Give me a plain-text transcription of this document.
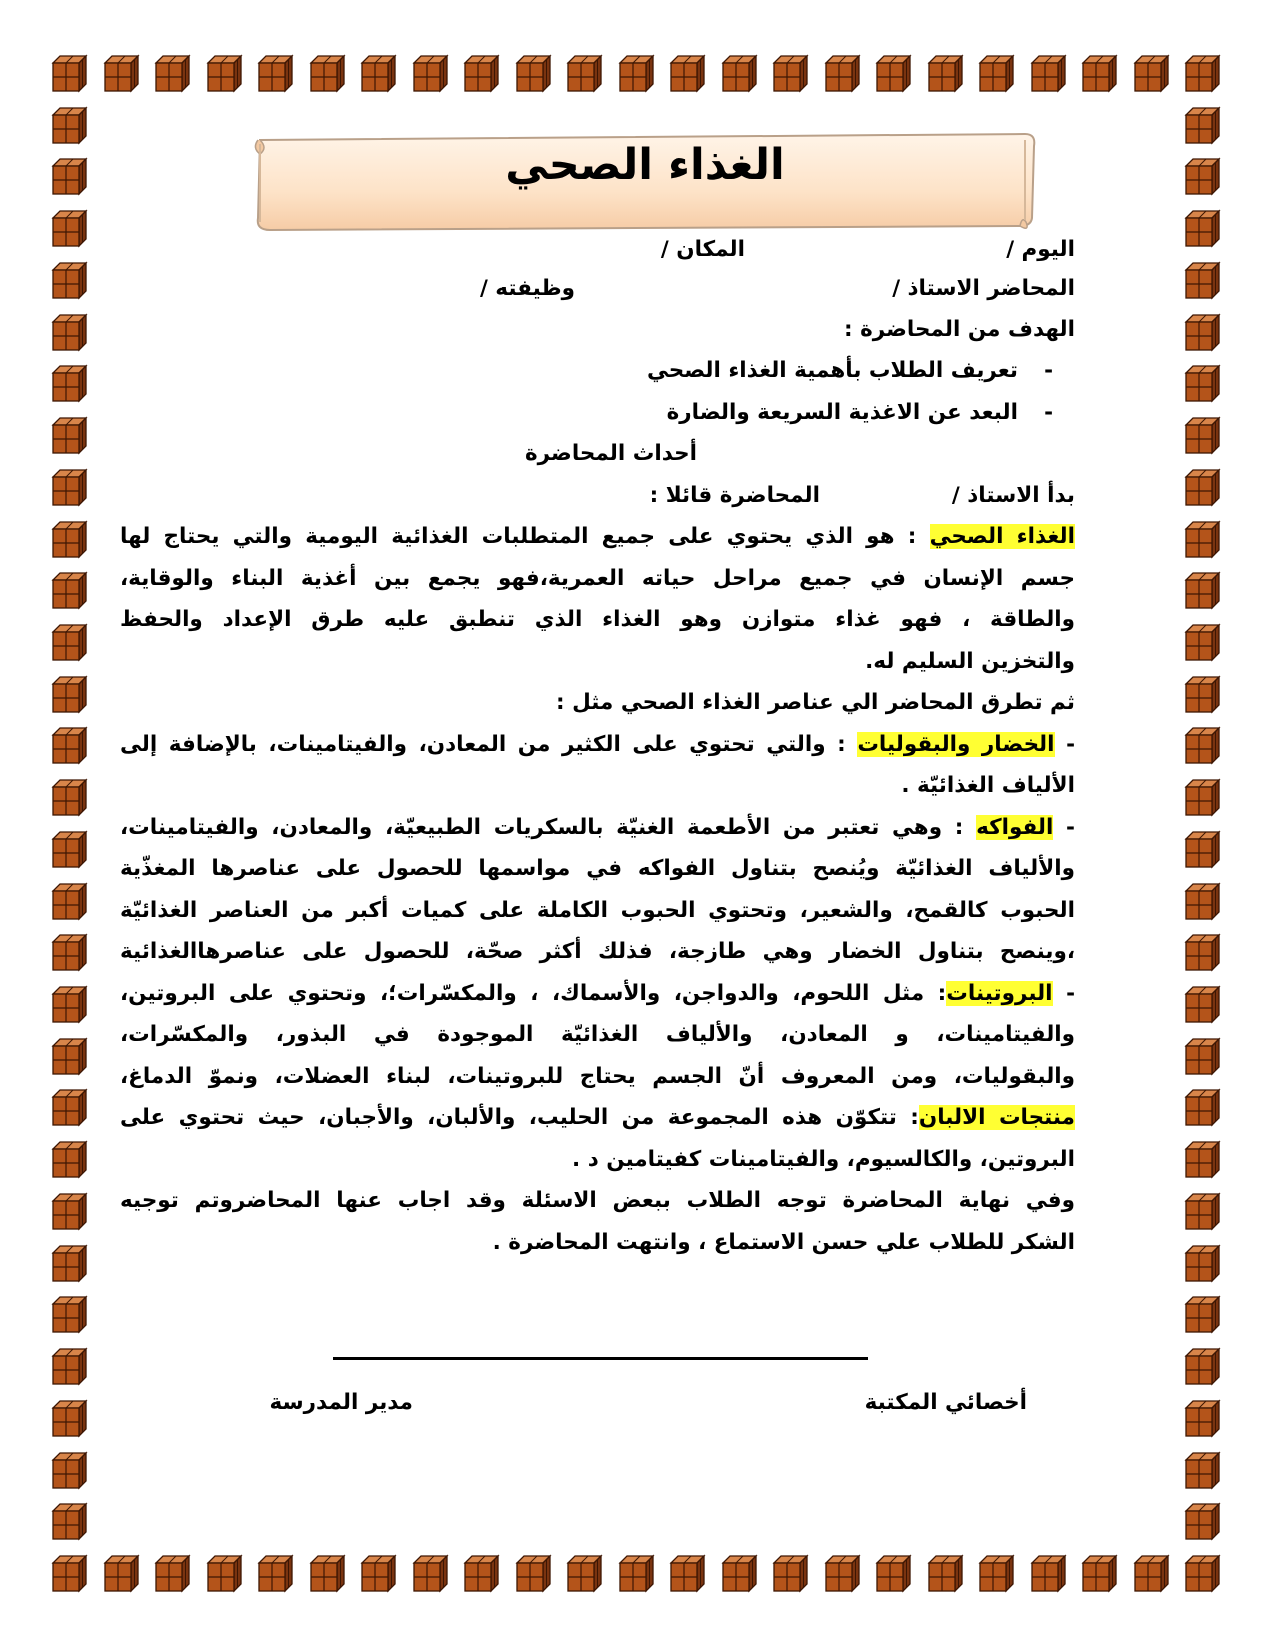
الغذاء الصحي
اليوم /
المكان /
المحاضر الاستاذ /
وظيفته /
الهدف من المحاضرة :
-
تعريف الطلاب بأهمية الغذاء الصحي
-
البعد عن الاغذية السريعة والضارة
أحداث المحاضرة
بدأ الاستاذ /
المحاضرة قائلا :
الغذاء الصحي : هو الذي يحتوي على جميع المتطلبات الغذائية اليومية والتي يحتاج لها
جسم الإنسان في جميع مراحل حياته العمرية،فهو يجمع بين أغذية البناء والوقاية،
والطاقة ، فهو غذاء متوازن وهو الغذاء الذي تنطبق عليه طرق الإعداد والحفظ
والتخزين السليم له.
ثم تطرق المحاضر الي عناصر الغذاء الصحي مثل :
- الخضار والبقوليات : والتي تحتوي على الكثير من المعادن، والفيتامينات، بالإضافة إلى
الألياف الغذائيّة .
- الفواكه : وهي تعتبر من الأطعمة الغنيّة بالسكريات الطبيعيّة، والمعادن، والفيتامينات،
والألياف الغذائيّة ويُنصح بتناول الفواكه في مواسمها للحصول على عناصرها المغذّية
الحبوب كالقمح، والشعير، وتحتوي الحبوب الكاملة على كميات أكبر من العناصر الغذائيّة
،وينصح بتناول الخضار وهي طازجة، فذلك أكثر صحّة، للحصول على عناصرهاالغذائية
- البروتينات: مثل اللحوم، والدواجن، والأسماك، ، والمكسّرات؛، وتحتوي على البروتين،
والفيتامينات، و المعادن، والألياف الغذائيّة الموجودة في البذور، والمكسّرات،
والبقوليات، ومن المعروف أنّ الجسم يحتاج للبروتينات، لبناء العضلات، ونموّ الدماغ،
منتجات الالبان: تتكوّن هذه المجموعة من الحليب، والألبان، والأجبان، حيث تحتوي على
البروتين، والكالسيوم، والفيتامينات كفيتامين د .
وفي نهاية المحاضرة توجه الطلاب ببعض الاسئلة وقد اجاب عنها المحاضروتم توجيه
الشكر للطلاب علي حسن الاستماع ، وانتهت المحاضرة .
أخصائي المكتبة
مدير المدرسة
